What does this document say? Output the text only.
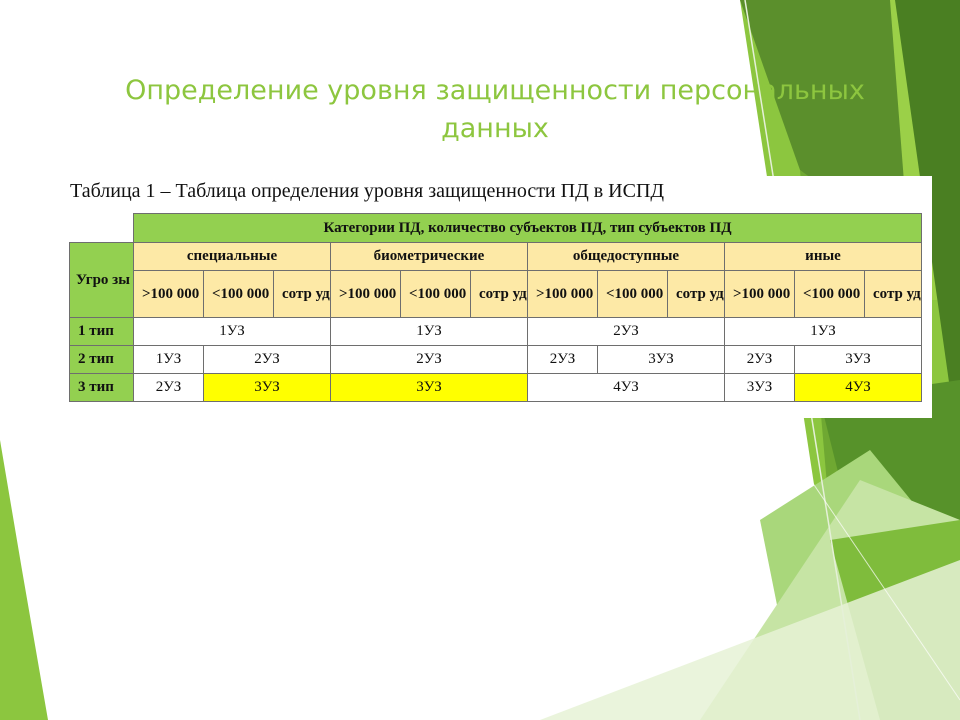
Определение уровня защищенности персональных
данных
Таблица 1 – Таблица определения уровня защищенности ПД в ИСПД
	Категории ПД, количество субъектов ПД, тип субъектов ПД											
Угро зы	специальные			биометрические			общедоступные			иные		
	>100 000	<100 000	сотр уд	>100 000	<100 000	сотр уд	>100 000	<100 000	сотр уд	>100 000	<100 000	сотр уд
1 тип	1УЗ			1УЗ			2УЗ			1УЗ		
2 тип	1УЗ	2УЗ		2УЗ			2УЗ	3УЗ		2УЗ	3УЗ	
3 тип	2УЗ	3УЗ		3УЗ			4УЗ			3УЗ	4УЗ	
